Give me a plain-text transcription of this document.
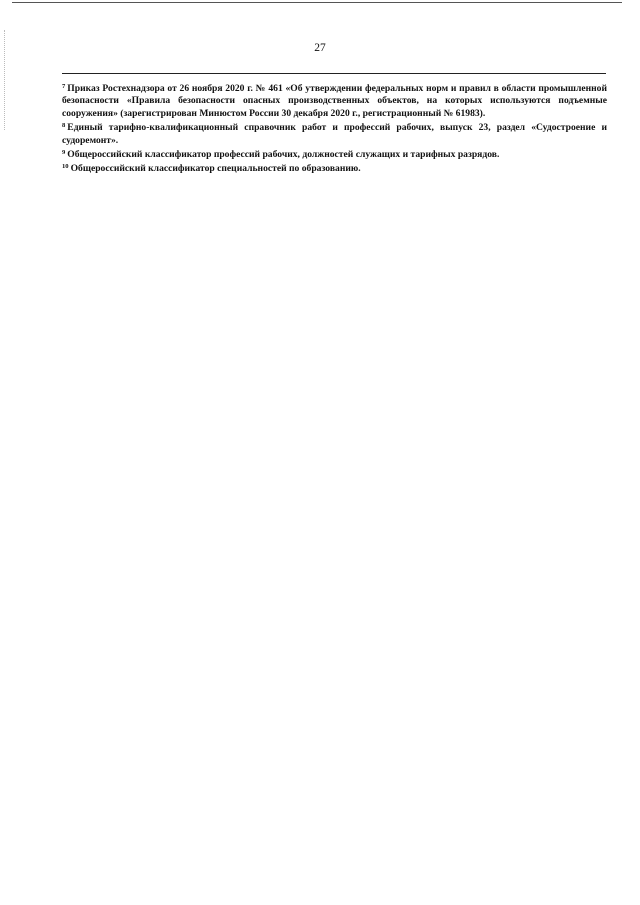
27

$^7$ Приказ Ростехнадзора от 26 ноября 2020 г. № 461 «Об утверждении федеральных норм и правил в области промышленной безопасности «Правила безопасности опасных производственных объектов, на которых используются подъемные сооружения» (зарегистрирован Минюстом России 30 декабря 2020 г., регистрационный № 61983).

$^8$ Единый тарифно-квалификационный справочник работ и профессий рабочих, выпуск 23, раздел «Судостроение и судоремонт».

$^9$ Общероссийский классификатор профессий рабочих, должностей служащих и тарифных разрядов.

$^{10}$ Общероссийский классификатор специальностей по образованию.
